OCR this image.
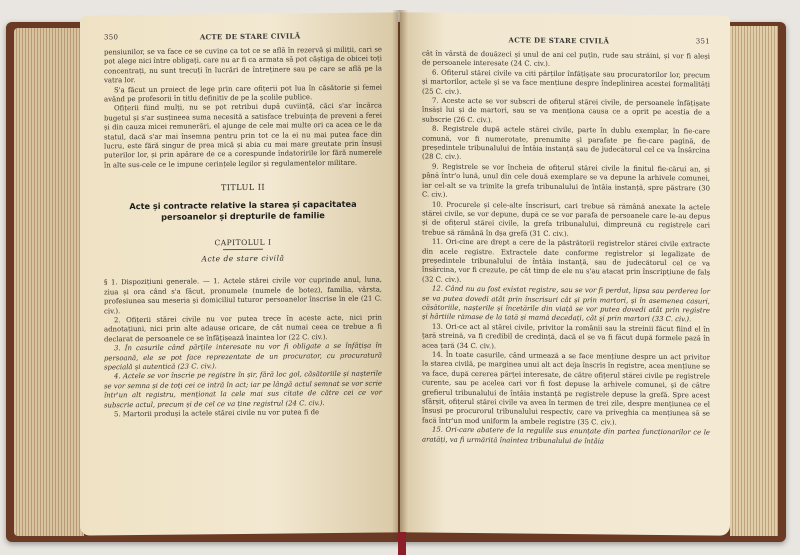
350	ACTE DE STARE CIVILĂ

pensiunilor, se va face ce se cuvine ca tot ce se află în rezervă și miliții, cari se pot alege nici între obligați, care nu ar fi ca armata să pot câștiga de obicei toți concentrați, nu sunt trecuți în lucrări de întreținere sau pe care se află pe la vatra lor.

S'a făcut un proiect de lege prin care ofițerii pot lua în căsătorie și femei având pe profesorii în titlu definitiv de pe la școlile publice.

Ofițerii fiind mulți, nu se pot retribui după cuviință, căci s'ar încărca bugetul și s'ar susțineea suma necesită a satisface trebuința de preveni a ferei și din cauza micei remunerări, el ajunge de cele mai multe ori ca acea ce le da statul, dacă s'ar mai însemna pentru prin tot ce la ei nu mai putea face din lucru, este fără singur de prea mică și abia cu mai mare greutate prin însuși puterilor lor, și prin apărare de ce a corespunde îndatoririle lor fără numerele în alte sus-cele ce le impune cerințele legilor și regulamentelor militare.

TITLUL II
Acte și contracte relative la starea și capacitatea persoanelor și drepturile de familie
CAPITOLUL I
Acte de stare civilă

§ 1. Dispozițiuni generale. — 1. Actele stărei civile vor cuprinde anul, luna, ziua și ora când s'a făcut, pronumele (numele de botez), familia, vârsta, profesiunea sau meseria și domiciliul tuturor persoanelor înscrise în ele (21 C. civ.).

2. Ofițerii stărei civile nu vor putea trece în aceste acte, nici prin adnotațiuni, nici prin alte adause oricare, de cât numai ceea ce trebue a fi declarat de persoanele ce se înfățișează înaintea lor (22 C. civ.).

3. În casurile când părțile interesate nu vor fi obligate a se înfățișa în persoană, ele se pot face reprezentate de un procurator, cu procuratură specială și autentică (23 C. civ.).

4. Actele se vor înscrie pe registre în șir, fără loc gol, căsătoriile și nașterile se vor semna și de toți cei ce intră în act; iar pe lângă actul semnat se vor scrie într'un alt registru, menționat la cele mai sus citate de către cei ce vor subscrie actul, precum și de cel ce va ține registrul (24 C. civ.).

5. Martorii produși la actele stărei civile nu vor putea fi de

ACTE DE STARE CIVILĂ	351

cât în vârstă de douăzeci și unul de ani cel puțin, rude sau străini, și vor fi aleși de persoanele interesate (24 C. civ.).

6. Ofițerul stărei civile va citi părților înfățișate sau procuratorilor lor, precum și martorilor, actele și se va face mențiune despre îndeplinirea acestei formalități (25 C. civ.).

7. Aceste acte se vor subscri de ofițerul stărei civile, de persoanele înfățișate însăși lui și de martori, sau se va menționa causa ce a oprit pe acestia de a subscrie (26 C. civ.).

8. Registrele după actele stărei civile, parte în dublu exemplar, în fie-care comună, vor fi numerotate, prenumite și parafate pe fie-care pagină, de președintele tribunalului de întâia instanță sau de judecătorul cel ce va însărcina (28 C. civ.).

9. Registrele se vor încheia de ofițerul stărei civile la finitul fie-cărui an, și până într'o lună, unul din cele două exemplare se va depune la arhivele comunei, iar cel-alt se va trimite la grefa tribunalului de întâia instanță, spre păstrare (30 C. civ.).

10. Procurele și cele-alte înscrisuri, cari trebue să rămână anexate la actele stărei civile, se vor depune, după ce se vor parafa de persoanele care le-au depus și de ofițerul stărei civile, la grefa tribunalului, dimpreună cu registrele cari trebue să rămână în dșa grefă (31 C. civ.).

11. Ori-cine are drept a cere de la păstrătorii registrelor stărei civile extracte din acele registre. Extractele date conforme registrelor și legalizate de președintele tribunalului de întâia instanță, sau de judecătorul cel ce va însărcina, vor fi crezute, pe cât timp de ele nu s'au atacat prin înscripțiune de falș (32 C. civ.).

12. Când nu au fost existat registre, sau se vor fi perdut, lipsa sau perderea lor se va putea dovedi atât prin înscrisuri cât și prin martori, și în asemenea casuri, căsătoriile, nașterile și încetările din viață se vor putea dovedi atât prin registre și hârtiile rămase de la tată și mamă decedați, cât și prin martori (33 C. civ.).

13. Ori-ce act al stărei civile, privitor la românii sau la streinii făcut fiind el în țară streină, va fi credibil de credință, dacă el se va fi făcut după formele pază în acea țară (34 C. civ.).

14. În toate casurile, când urmează a se face mențiune despre un act privitor la starea civilă, pe marginea unui alt act deja înscris în registre, acea mențiune se va face, după cererea părței interesate, de către ofițerul stărei civile pe registrele curente, sau pe acelea cari vor fi fost depuse la arhivele comunei, și de către grefierul tribunalului de întâia instanță pe registrele depuse la grefă. Spre acest sfârșit, ofițerul stărei civile va avea în termen de trei zile, despre mențiunea ce el însuși pe procurorul tribunalului respectiv, care va priveghia ca mențiunea să se facă într'un mod uniform la ambele registre (35 C. civ.).

15. Ori-care abatere de la regulile sus enunțate din partea funcționarilor ce le aratăți, va fi urmărită înaintea tribunalului de întâia
